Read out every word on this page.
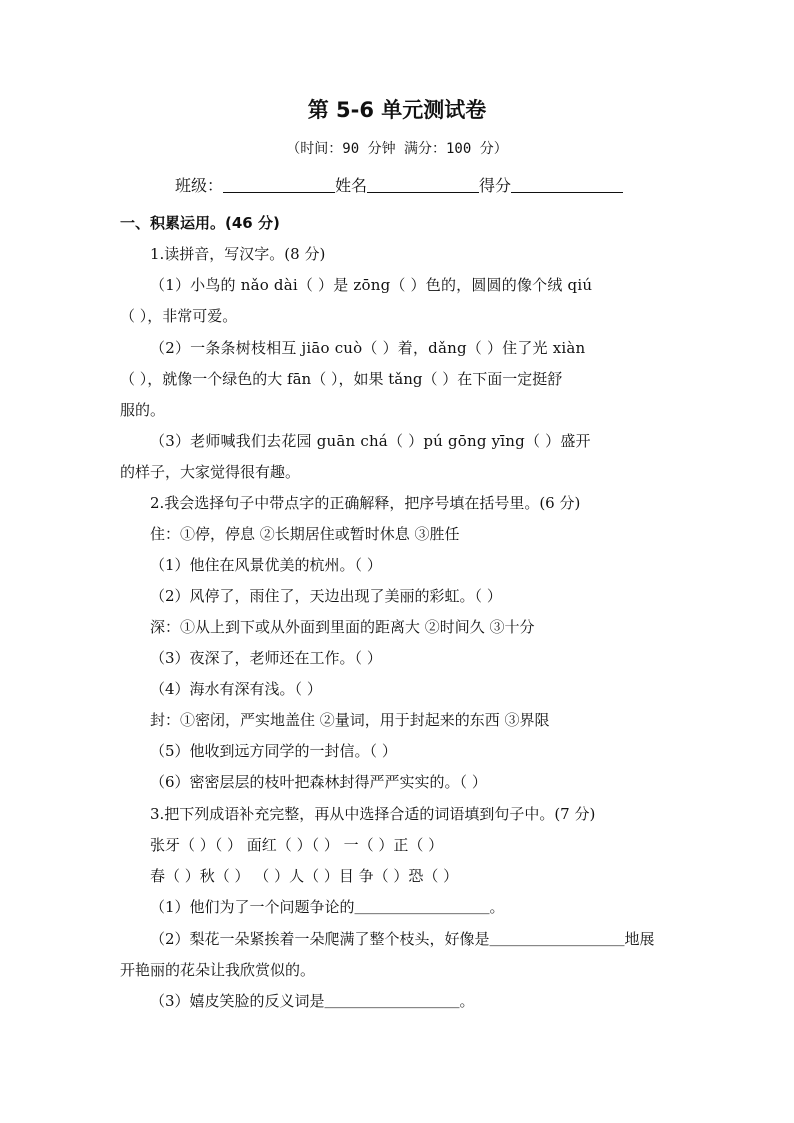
第 5-6 单元测试卷
（时间：90 分钟 满分：100 分）
班级：	姓名	得分
一、积累运用。(46 分)
1.读拼音，写汉字。(8 分)
（1）小鸟的 nǎo dài（ ）是 zōng（ ）色的，圆圆的像个绒 qiú
（ ），非常可爱。
（2）一条条树枝相互 jiāo cuò（ ）着，dǎng（ ）住了光 xiàn
（ ），就像一个绿色的大 fān（ ），如果 tǎng（ ）在下面一定挺舒
服的。
（3）老师喊我们去花园 guān chá（ ）pú gōng yīng（ ）盛开
的样子，大家觉得很有趣。
2.我会选择句子中带点字的正确解释，把序号填在括号里。(6 分)
住：①停，停息 ②长期居住或暂时休息 ③胜任
（1）他住在风景优美的杭州。（ ）
（2）风停了，雨住了，天边出现了美丽的彩虹。（ ）
深：①从上到下或从外面到里面的距离大 ②时间久 ③十分
（3）夜深了，老师还在工作。（ ）
（4）海水有深有浅。（ ）
封：①密闭，严实地盖住 ②量词，用于封起来的东西 ③界限
（5）他收到远方同学的一封信。（ ）
（6）密密层层的枝叶把森林封得严严实实的。（ ）
3.把下列成语补充完整，再从中选择合适的词语填到句子中。(7 分)
张牙（ ）（ ） 面红（ ）（ ） 一（ ）正（ ）
春（ ）秋（ ） （ ）人（ ）目 争（ ）恐（ ）
（1）他们为了一个问题争论的＿＿＿＿＿＿＿＿＿。
（2）梨花一朵紧挨着一朵爬满了整个枝头，好像是＿＿＿＿＿＿＿＿＿地展
开艳丽的花朵让我欣赏似的。
（3）嬉皮笑脸的反义词是＿＿＿＿＿＿＿＿＿。
